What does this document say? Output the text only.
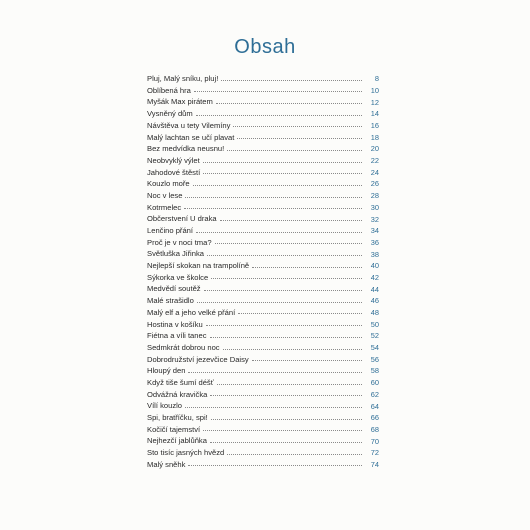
Obsah
Pluj, Malý sníku, pluj!	8
Oblíbená hra	10
Myšák Max pirátem	12
Vysněný dům	14
Návštěva u tety Vilemíny	16
Malý lachtan se učí plavat	18
Bez medvídka neusnu!	20
Neobvyklý výlet	22
Jahodové štěstí	24
Kouzlo moře	26
Noc v lese	28
Kotrmelec	30
Občerstvení U draka	32
Lenčino přání	34
Proč je v noci tma?	36
Světluška Jiřinka	38
Nejlepší skokan na trampolíně	40
Sýkorka ve školce	42
Medvědí soutěž	44
Malé strašidlo	46
Malý elf a jeho velké přání	48
Hostina v košíku	50
Fiétna a víli tanec	52
Sedmkrát dobrou noc	54
Dobrodružství jezevčice Daisy	56
Hloupý den	58
Když tiše šumí déšť	60
Odvážná kravička	62
Vílí kouzlo	64
Spi, bratříčku, spi!	66
Kočičí tajemství	68
Nejhezčí jablůňka	70
Sto tisíc jasných hvězd	72
Malý sněhk	74
